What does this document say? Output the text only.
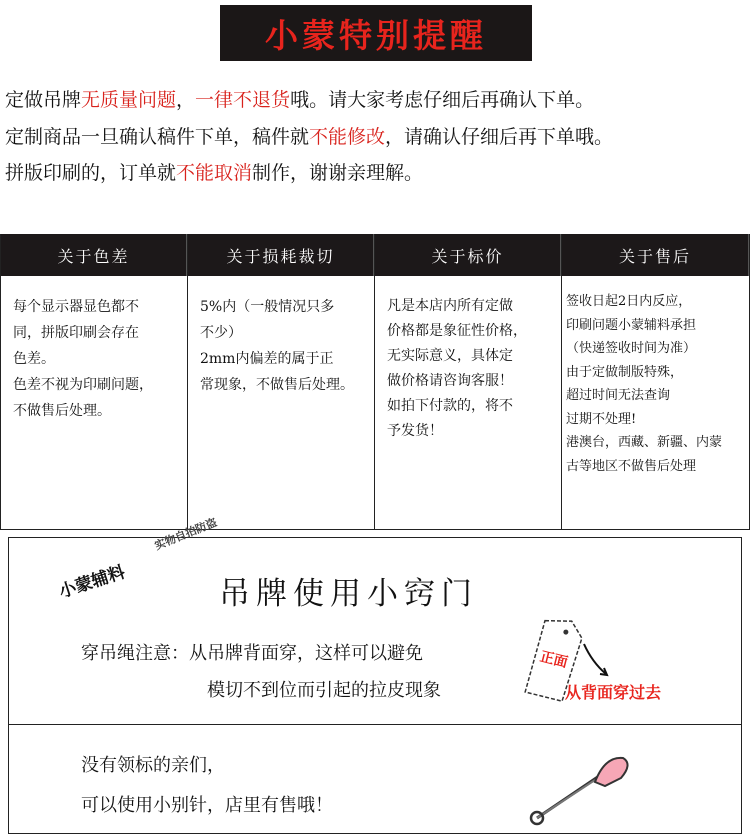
小蒙特别提醒
定做吊牌无质量问题，一律不退货哦。请大家考虑仔细后再确认下单。
定制商品一旦确认稿件下单，稿件就不能修改，请确认仔细后再下单哦。
拼版印刷的，订单就不能取消制作，谢谢亲理解。
关于色差
每个显示器显色都不
同，拼版印刷会存在
色差。
色差不视为印刷问题，
不做售后处理。
关于损耗裁切
5%内（一般情况只多
不少）
2mm内偏差的属于正
常现象，不做售后处理。
关于标价
凡是本店内所有定做
价格都是象征性价格，
无实际意义，具体定
做价格请咨询客服！
如拍下付款的，将不
予发货！
关于售后
签收日起2日内反应，
印刷问题小蒙辅料承担
（快递签收时间为准）
由于定做制版特殊，
超过时间无法查询
过期不处理!
港澳台，西藏、新疆、内蒙
古等地区不做售后处理
小蒙辅料
实物自拍防盗
吊牌使用小窍门
穿吊绳注意：从吊牌背面穿，这样可以避免
模切不到位而引起的拉皮现象
正面
从背面穿过去
没有领标的亲们，
可以使用小别针，店里有售哦！
